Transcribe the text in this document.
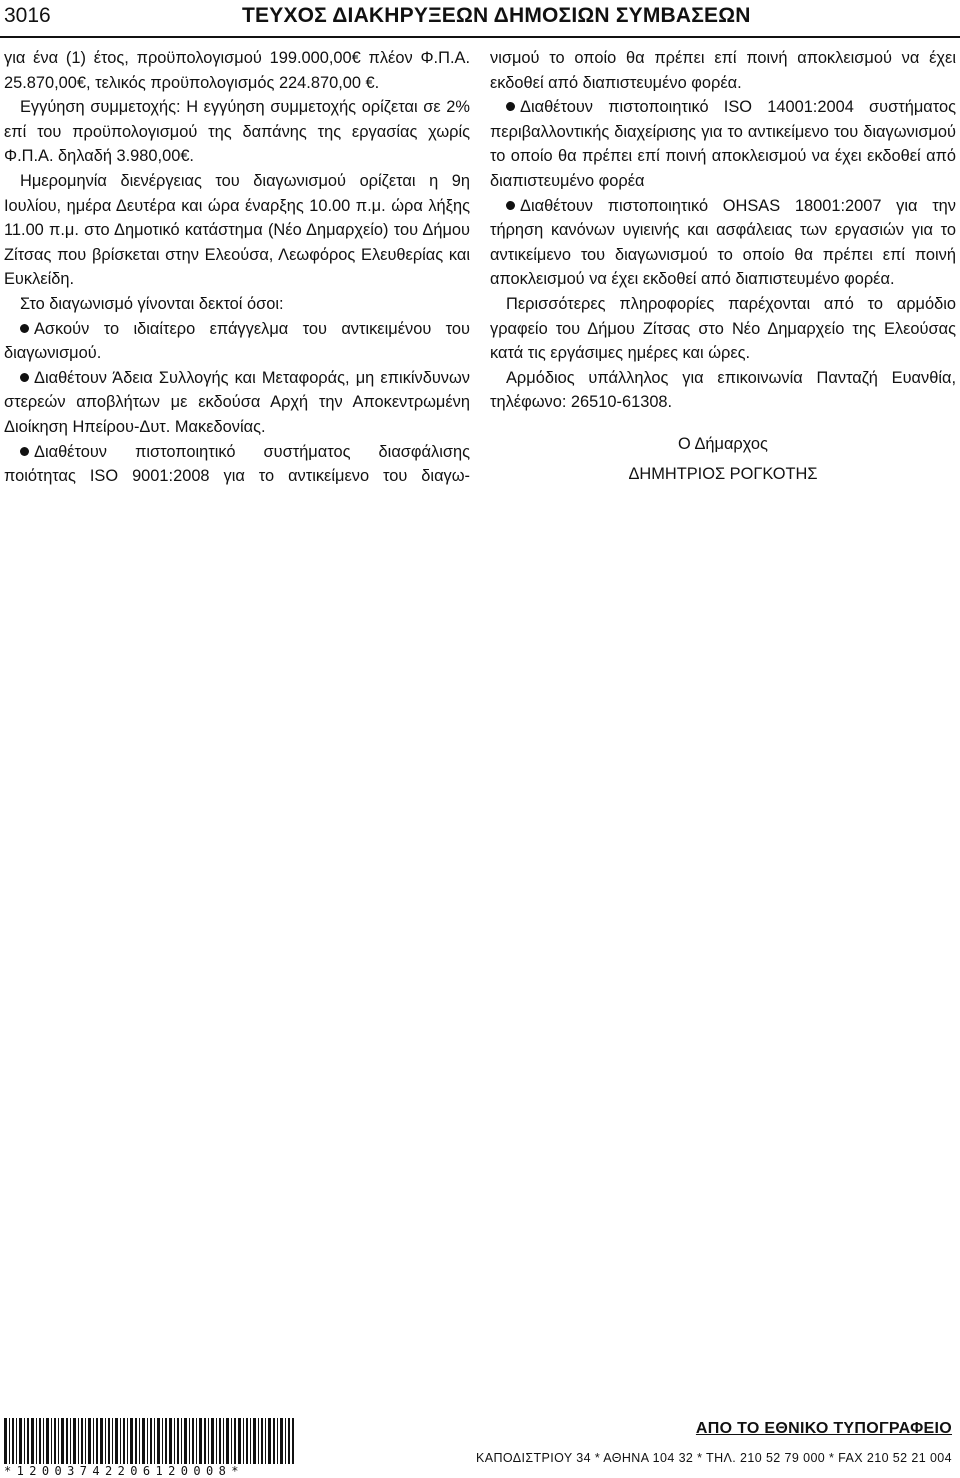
3016	ΤΕΥΧΟΣ ΔΙΑΚΗΡΥΞΕΩΝ ΔΗΜΟΣΙΩΝ ΣΥΜΒΑΣΕΩΝ

για ένα (1) έτος, προϋπολογισμού 199.000,00€ πλέον Φ.Π.Α. 25.870,00€, τελικός προϋπολογισμός 224.870,00 €.

Εγγύηση συμμετοχής: Η εγγύηση συμμετοχής ορίζεται σε 2% επί του προϋπολογισμού της δαπάνης της εργασίας χωρίς Φ.Π.Α. δηλαδή 3.980,00€.

Ημερομηνία διενέργειας του διαγωνισμού ορίζεται η 9η Ιουλίου, ημέρα Δευτέρα και ώρα έναρξης 10.00 π.μ. ώρα λήξης 11.00 π.μ. στο Δημοτικό κατάστημα (Νέο Δημαρχείο) του Δήμου Ζίτσας που βρίσκεται στην Ελεούσα, Λεωφόρος Ελευθερίας και Ευκλείδη.

Στο διαγωνισμό γίνονται δεκτοί όσοι:

Ασκούν το ιδιαίτερο επάγγελμα του αντικειμένου του διαγωνισμού.

Διαθέτουν Άδεια Συλλογής και Μεταφοράς, μη επικίνδυνων στερεών αποβλήτων με εκδούσα Αρχή την Αποκεντρωμένη Διοίκηση Ηπείρου-Δυτ. Μακεδονίας.

Διαθέτουν πιστοποιητικό συστήματος διασφάλισης ποιότητας ISO 9001:2008 για το αντικείμενο του διαγω-

νισμού το οποίο θα πρέπει επί ποινή αποκλεισμού να έχει εκδοθεί από διαπιστευμένο φορέα.

Διαθέτουν πιστοποιητικό ISO 14001:2004 συστήματος περιβαλλοντικής διαχείρισης για το αντικείμενο του διαγωνισμού το οποίο θα πρέπει επί ποινή αποκλεισμού να έχει εκδοθεί από διαπιστευμένο φορέα

Διαθέτουν πιστοποιητικό OHSAS 18001:2007 για την τήρηση κανόνων υγιεινής και ασφάλειας των εργασιών για το αντικείμενο του διαγωνισμού το οποίο θα πρέπει επί ποινή αποκλεισμού να έχει εκδοθεί από διαπιστευμένο φορέα.

Περισσότερες πληροφορίες παρέχονται από το αρμόδιο γραφείο του Δήμου Ζίτσας στο Νέο Δημαρχείο της Ελεούσας κατά τις εργάσιμες ημέρες και ώρες.

Αρμόδιος υπάλληλος για επικοινωνία Πανταζή Ευανθία, τηλέφωνο: 26510-61308.

Ο Δήμαρχος
ΔΗΜΗΤΡΙΟΣ ΡΟΓΚΟΤΗΣ
*1200374220612000​8*
ΑΠΟ ΤΟ ΕΘΝΙΚΟ ΤΥΠΟΓΡΑΦΕΙΟ
ΚΑΠΟΔΙΣΤΡΙΟΥ 34 * ΑΘΗΝΑ 104 32 * ΤΗΛ. 210 52 79 000 * FAX 210 52 21 004
